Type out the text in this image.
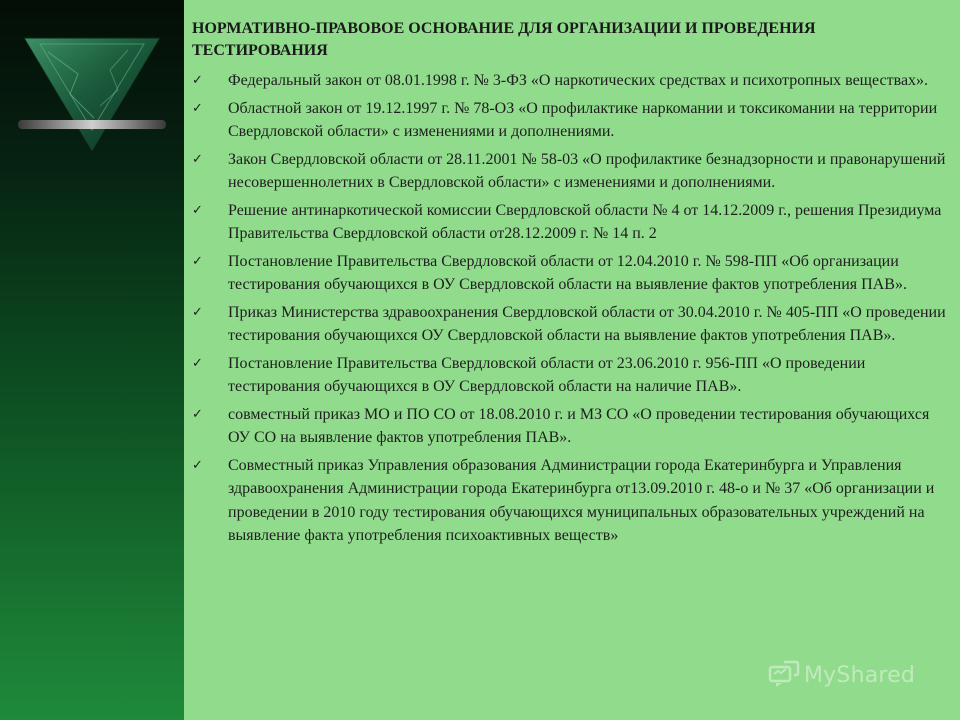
НОРМАТИВНО-ПРАВОВОЕ ОСНОВАНИЕ ДЛЯ ОРГАНИЗАЦИИ И ПРОВЕДЕНИЯ ТЕСТИРОВАНИЯ
✓	Федеральный закон от 08.01.1998 г. № 3-ФЗ «О наркотических средствах и психотропных веществах».
✓	Областной закон от 19.12.1997 г. № 78-ОЗ «О профилактике наркомании и токсикомании на территории Свердловской области» с изменениями и дополнениями.
✓	Закон Свердловской области от 28.11.2001 № 58-03 «О профилактике безнадзорности и правонарушений несовершеннолетних в Свердловской области» с изменениями и дополнениями.
✓	Решение антинаркотической комиссии Свердловской области № 4 от 14.12.2009 г., решения Президиума Правительства Свердловской области от28.12.2009 г. № 14 п. 2
✓	Постановление Правительства Свердловской области от 12.04.2010 г. № 598-ПП «Об организации тестирования обучающихся в ОУ Свердловской области на выявление фактов употребления ПАВ».
✓	Приказ Министерства здравоохранения Свердловской области от 30.04.2010 г. № 405-ПП «О проведении тестирования обучающихся ОУ Свердловской области на выявление фактов употребления ПАВ».
✓	Постановление Правительства Свердловской области от 23.06.2010 г. 956-ПП «О проведении тестирования обучающихся в ОУ Свердловской области на наличие ПАВ».
✓	совместный приказ МО и ПО СО от 18.08.2010 г. и МЗ СО «О проведении тестирования обучающихся ОУ СО на выявление фактов употребления ПАВ».
✓	Совместный приказ Управления образования Администрации города Екатеринбурга и Управления здравоохранения Администрации города Екатеринбурга от13.09.2010 г. 48-о и № 37 «Об организации и проведении в 2010 году тестирования обучающихся муниципальных образовательных учреждений на выявление факта употребления психоактивных веществ»
MyShared
